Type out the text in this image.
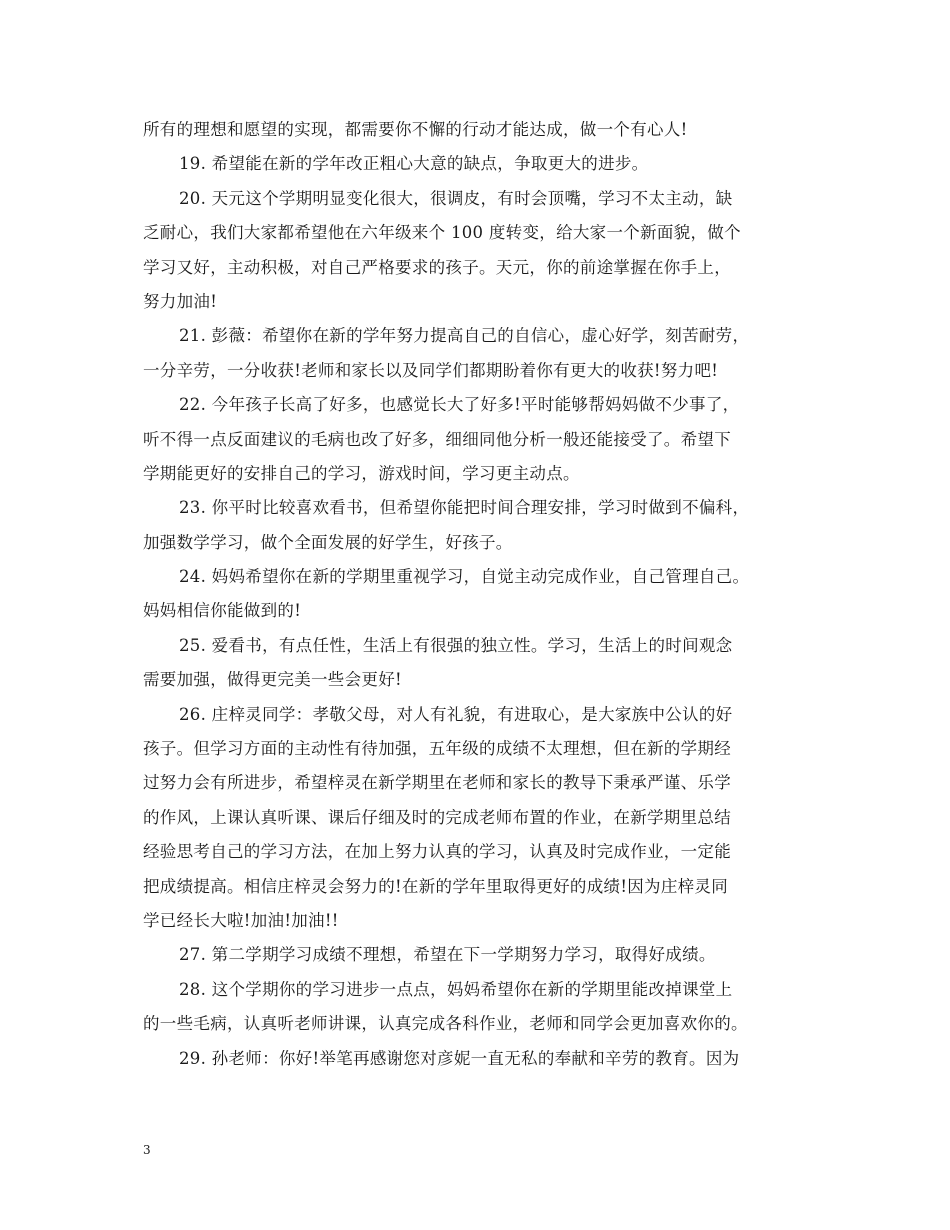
所有的理想和愿望的实现，都需要你不懈的行动才能达成，做一个有心人!
19. 希望能在新的学年改正粗心大意的缺点，争取更大的进步。
20. 天元这个学期明显变化很大，很调皮，有时会顶嘴，学习不太主动，缺
乏耐心，我们大家都希望他在六年级来个 100 度转变，给大家一个新面貌，做个
学习又好，主动积极，对自己严格要求的孩子。天元，你的前途掌握在你手上，
努力加油!
21. 彭薇：希望你在新的学年努力提高自己的自信心，虚心好学，刻苦耐劳，
一分辛劳，一分收获!老师和家长以及同学们都期盼着你有更大的收获!努力吧!
22. 今年孩子长高了好多，也感觉长大了好多!平时能够帮妈妈做不少事了，
听不得一点反面建议的毛病也改了好多，细细同他分析一般还能接受了。希望下
学期能更好的安排自己的学习，游戏时间，学习更主动点。
23. 你平时比较喜欢看书，但希望你能把时间合理安排，学习时做到不偏科，
加强数学学习，做个全面发展的好学生，好孩子。
24. 妈妈希望你在新的学期里重视学习，自觉主动完成作业，自己管理自己。
妈妈相信你能做到的!
25. 爱看书，有点任性，生活上有很强的独立性。学习，生活上的时间观念
需要加强，做得更完美一些会更好!
26. 庄梓灵同学：孝敬父母，对人有礼貌，有进取心，是大家族中公认的好
孩子。但学习方面的主动性有待加强，五年级的成绩不太理想，但在新的学期经
过努力会有所进步，希望梓灵在新学期里在老师和家长的教导下秉承严谨、乐学
的作风，上课认真听课、课后仔细及时的完成老师布置的作业，在新学期里总结
经验思考自己的学习方法，在加上努力认真的学习，认真及时完成作业，一定能
把成绩提高。相信庄梓灵会努力的!在新的学年里取得更好的成绩!因为庄梓灵同
学已经长大啦!加油!加油!!
27. 第二学期学习成绩不理想，希望在下一学期努力学习，取得好成绩。
28. 这个学期你的学习进步一点点，妈妈希望你在新的学期里能改掉课堂上
的一些毛病，认真听老师讲课，认真完成各科作业，老师和同学会更加喜欢你的。
29. 孙老师：你好!举笔再感谢您对彦妮一直无私的奉献和辛劳的教育。因为
3
